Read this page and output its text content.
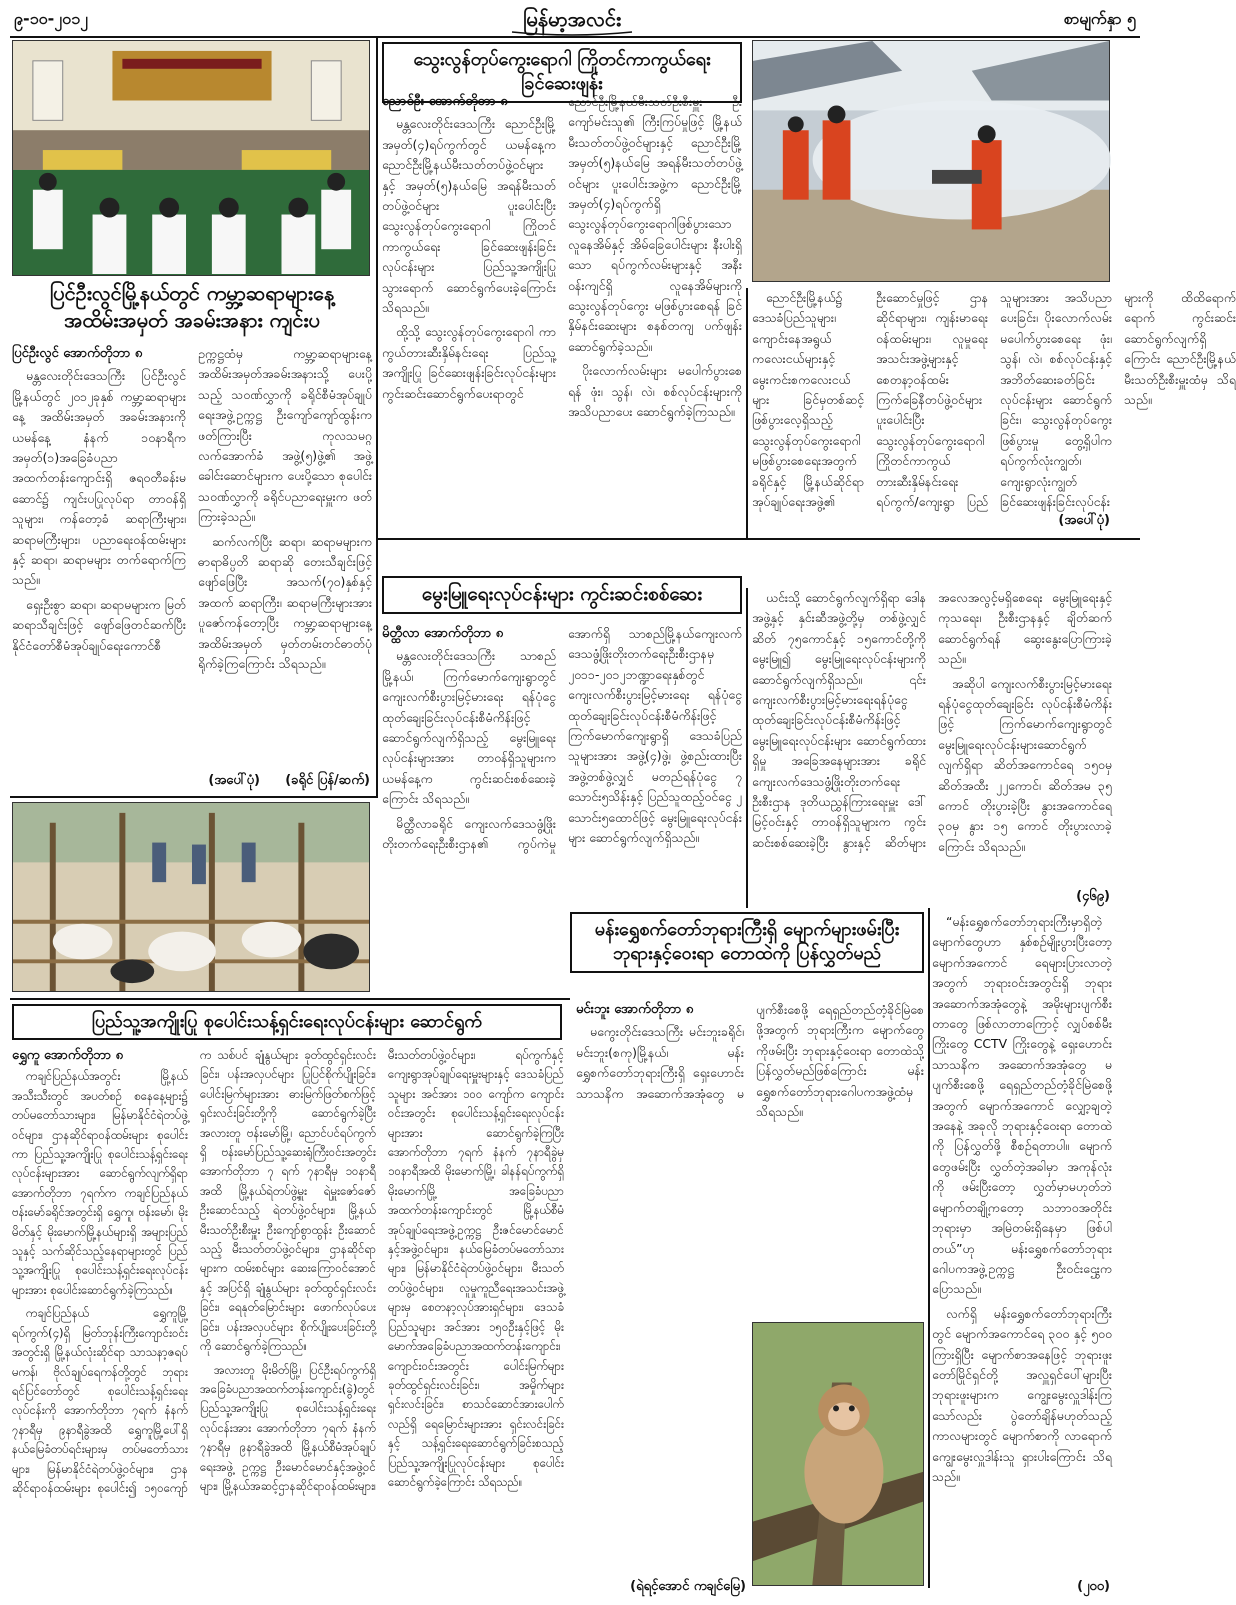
၉-၁၀-၂၀၁၂	မြန်မာ့အလင်း	စာမျက်နှာ ၅
ပြင်ဦးလွင်မြို့နယ်တွင် ကမ္ဘာ့ဆရာများနေ့
အထိမ်းအမှတ် အခမ်းအနား ကျင်းပ
ပြင်ဦးလွင် အောက်တိုဘာ ၈

မန္တလေးတိုင်းဒေသကြီး ပြင်ဦးလွင်မြို့နယ်တွင် ၂၀၁၂ခုနှစ် ကမ္ဘာ့ဆရာများနေ့ အထိမ်းအမှတ် အခမ်းအနားကို ယမန်နေ့ နံနက် ၁၀နာရီက အမှတ်(၁)အခြေခံပညာအထက်တန်းကျောင်းရှိ ဇရဝတီခန်းမဆောင်၌ ကျင်းပပြုလုပ်ရာ တာဝန်ရှိသူများ၊ ကန်တော့ခံ ဆရာကြီးများ၊ ဆရာမကြီးများ၊ ပညာရေးဝန်ထမ်းများနှင့် ဆရာ၊ ဆရာမများ တက်ရောက်ကြသည်။

ရှေးဦးစွာ ဆရာ၊ ဆရာမများက မြတ်ဆရာသီချင်းဖြင့် ဖျော်ဖြေတင်ဆက်ပြီး နိုင်ငံတော်စီမံအုပ်ချုပ်ရေးကောင်စီဥက္ကဋ္ဌထံမှ ကမ္ဘာ့ဆရာများနေ့ အထိမ်းအမှတ်အခမ်းအနားသို့ ပေးပို့သည့် သဝဏ်လွှာကို ခရိုင်စီမံအုပ်ချုပ်ရေးအဖွဲ့ဥက္ကဋ္ဌ ဦးကျော်ကျော်ထွန်းက ဖတ်ကြားပြီး ကုလသမဂ္ဂ လက်အောက်ခံ အဖွဲ့(၅)ဖွဲ့၏ အဖွဲ့ခေါင်းဆောင်များက ပေးပို့သော စုပေါင်းသဝဏ်လွှာကို ခရိုင်ပညာရေးမှူးက ဖတ်ကြားခဲ့သည်။

ဆက်လက်ပြီး ဆရာ၊ ဆရာမများက ဓာရာဓိပ္ပတိ ဆရာဆို တေးသီချင်းဖြင့် ဖျော်ဖြေပြီး အသက်(၇၀)နှစ်နှင့်အထက် ဆရာကြီး၊ ဆရာမကြီးများအား ပူဇော်ကန်တော့ပြီး ကမ္ဘာ့ဆရာများနေ့ အထိမ်းအမှတ် မှတ်တမ်းတင်ဓာတ်ပုံရိုက်ခဲ့ကြကြောင်း သိရသည်။

(အပေါ်ပုံ)	(ခရိုင် ပြန်/ဆက်)
သွေးလွန်တုပ်ကွေးရောဂါ ကြိုတင်ကာကွယ်ရေး ခြင်ဆေးဖျန်း
ညောင်ဦး အောက်တိုဘာ ၈

မန္တလေးတိုင်းဒေသကြီး ညောင်ဦးမြို့ အမှတ်(၄)ရပ်ကွက်တွင် ယမန်နေ့က ညောင်ဦးမြို့နယ်မီးသတ်တပ်ဖွဲ့ဝင်များနှင့် အမှတ်(၅)နယ်မြေ အရန်မီးသတ်တပ်ဖွဲ့ဝင်များ ပူးပေါင်းပြီး သွေးလွန်တုပ်ကွေးရောဂါ ကြိုတင်ကာကွယ်ရေး ခြင်ဆေးဖျန်းခြင်း လုပ်ငန်းများ ပြည်သူ့အကျိုးပြု သွားရောက် ဆောင်ရွက်ပေးခဲ့ကြောင်း သိရသည်။

ထို့သို့ သွေးလွန်တုပ်ကွေးရောဂါ ကာကွယ်တားဆီးနှိမ်နင်းရေး ပြည်သူ့အကျိုးပြု ခြင်ဆေးဖျန်းခြင်းလုပ်ငန်းများ ကွင်းဆင်းဆောင်ရွက်ပေးရာတွင် ညောင်ဦးမြို့နယ်မီးသတ်ဦးစီးမှူး ဦးကျော်မင်းသူ၏ ကြီးကြပ်မှုဖြင့် မြို့နယ်မီးသတ်တပ်ဖွဲ့ဝင်များနှင့် ညောင်ဦးမြို့ အမှတ်(၅)နယ်မြေ အရန်မီးသတ်တပ်ဖွဲ့ဝင်များ ပူးပေါင်းအဖွဲ့က ညောင်ဦးမြို့ အမှတ်(၄)ရပ်ကွက်ရှိ သွေးလွန်တုပ်ကွေးရောဂါဖြစ်ပွားသော လူနေအိမ်နှင့် အိမ်ခြေပေါင်းများ နီးပါးရှိသော ရပ်ကွက်လမ်းများနှင့် အနီးဝန်းကျင်ရှိ လူနေအိမ်များကို သွေးလွန်တုပ်ကွေး မဖြစ်ပွားစေရန် ခြင်နှိမ်နင်းဆေးများ စနစ်တကျ ပက်ဖျန်းဆောင်ရွက်ခဲ့သည်။

ပိုးလောက်လမ်းများ မပေါက်ပွားစေရန် ဖုံး၊ သွန်၊ လဲ၊ စစ်လုပ်ငန်းများကို အသိပညာပေး ဆောင်ရွက်ခဲ့ကြသည်။

ညောင်ဦးမြို့နယ်၌ ဒေသခံပြည်သူများ၊ ကျောင်းနေအရွယ် ကလေးငယ်များနှင့် မွေးကင်းစကလေးငယ်များ ခြင်မှတစ်ဆင့် ဖြစ်ပွားလေ့ရှိသည့် သွေးလွန်တုပ်ကွေးရောဂါ မဖြစ်ပွားစေရေးအတွက် ခရိုင်နှင့် မြို့နယ်ဆိုင်ရာ အုပ်ချုပ်ရေးအဖွဲ့၏ ဦးဆောင်မှုဖြင့် ဌာနဆိုင်ရာများ၊ ကျန်းမာရေးဝန်ထမ်းများ၊ လူမှုရေးအသင်းအဖွဲ့များနှင့် စေတနာ့ဝန်ထမ်း ကြက်ခြေနီတပ်ဖွဲ့ဝင်များ ပူးပေါင်းပြီး သွေးလွန်တုပ်ကွေးရောဂါ ကြိုတင်ကာကွယ် တားဆီးနှိမ်နင်းရေး ရပ်ကွက်/ကျေးရွာ ပြည်သူများအား အသိပညာပေးခြင်း၊ ပိုးလောက်လမ်း မပေါက်ပွားစေရေး ဖုံး၊ သွန်၊ လဲ၊ စစ်လုပ်ငန်းနှင့် အဘိတ်ဆေးခတ်ခြင်းလုပ်ငန်းများ ဆောင်ရွက်ခြင်း၊ သွေးလွန်တုပ်ကွေးဖြစ်ပွားမှု တွေ့ရှိပါက ရပ်ကွက်လုံးကျွတ်၊ ကျေးရွာလုံးကျွတ် ခြင်ဆေးဖျန်းခြင်းလုပ်ငန်းများကို ထိထိရောက်ရောက် ကွင်းဆင်းဆောင်ရွက်လျက်ရှိကြောင်း ညောင်ဦးမြို့နယ်မီးသတ်ဦးစီးမှူးထံမှ သိရသည်။

(အပေါ်ပုံ)
မွေးမြူရေးလုပ်ငန်းများ ကွင်းဆင်းစစ်ဆေး
မိတ္ထီလာ အောက်တိုဘာ ၈

မန္တလေးတိုင်းဒေသကြီး သာစည်မြို့နယ်၊ ကြက်မောက်ကျေးရွာတွင် ကျေးလက်စီးပွားမြင့်မားရေး ရန်ပုံငွေထုတ်ချေးခြင်းလုပ်ငန်းစီမံကိန်းဖြင့် ဆောင်ရွက်လျက်ရှိသည့် မွေးမြူရေးလုပ်ငန်းများအား တာဝန်ရှိသူများက ယမန်နေ့က ကွင်းဆင်းစစ်ဆေးခဲ့ကြောင်း သိရသည်။

မိတ္ထီလာခရိုင် ကျေးလက်ဒေသဖွံ့ဖြိုးတိုးတက်ရေးဦးစီးဌာန၏ ကွပ်ကဲမှုအောက်ရှိ သာစည်မြို့နယ်ကျေးလက်ဒေသဖွံ့ဖြိုးတိုးတက်ရေးဦးစီးဌာနမှ ၂၀၁၁-၂၀၁၂ဘဏ္ဍာရေးနှစ်တွင် ကျေးလက်စီးပွားမြင့်မားရေး ရန်ပုံငွေထုတ်ချေးခြင်းလုပ်ငန်းစီမံကိန်းဖြင့် ကြက်မောက်ကျေးရွာရှိ ဒေသခံပြည်သူများအား အဖွဲ့(၄)ဖွဲ့၊ ဖွဲ့စည်းထားပြီး အဖွဲ့တစ်ဖွဲ့လျှင် မတည်ရန်ပုံငွေ ၇ သောင်း၅သိန်းနှင့် ပြည်သူထည့်ဝင်ငွေ ၂ သောင်း၅ထောင်ဖြင့် မွေးမြူရေးလုပ်ငန်းများ ဆောင်ရွက်လျက်ရှိသည်။

ယင်းသို့ ဆောင်ရွက်လျက်ရှိရာ ဒေါနအဖွဲ့နှင့် နှင်းဆီအဖွဲ့တို့မှ တစ်ဖွဲ့လျှင် ဆိတ် ၇၅ကောင်နှင့် ၁၅ကောင်တို့ကို မွေးမြူ၍ မွေးမြူရေးလုပ်ငန်းများကို ဆောင်ရွက်လျက်ရှိသည်။ ၎င်းကျေးလက်စီးပွားမြင့်မားရေးရန်ပုံငွေထုတ်ချေးခြင်းလုပ်ငန်းစီမံကိန်းဖြင့် မွေးမြူရေးလုပ်ငန်းများ ဆောင်ရွက်ထားရှိမှု အခြေအနေများအား ခရိုင်ကျေးလက်ဒေသဖွံ့ဖြိုးတိုးတက်ရေးဦးစီးဌာန ဒုတိယညွှန်ကြားရေးမှူး ဒေါ်မြင့်ဝင်းနှင့် တာဝန်ရှိသူများက ကွင်းဆင်းစစ်ဆေးခဲ့ပြီး နွားနှင့် ဆိတ်များ အလေအလွင့်မရှိစေရေး မွေးမြူရေးနှင့် ကုသရေး၊ ဦးစီးဌာနနှင့် ချိတ်ဆက်ဆောင်ရွက်ရန် ဆွေးနွေးပြောကြားခဲ့သည်။

အဆိုပါ ကျေးလက်စီးပွားမြင့်မားရေးရန်ပုံငွေထုတ်ချေးခြင်း လုပ်ငန်းစီမံကိန်းဖြင့် ကြက်မောက်ကျေးရွာတွင် မွေးမြူရေးလုပ်ငန်းများဆောင်ရွက်လျက်ရှိရာ ဆိတ်အကောင်ရေ ၁၅၀မှ ဆိတ်အထီး ၂၂ကောင်၊ ဆိတ်အမ ၃၅ ကောင် တိုးပွားခဲ့ပြီး နွားအကောင်ရေ ၃၀မှ နွား ၁၅ ကောင် တိုးပွားလာခဲ့ကြောင်း သိရသည်။

(၄၆၉)
မန်းရွှေစက်တော်ဘုရားကြီးရှိ မျောက်များဖမ်းပြီး
ဘုရားနှင့်ဝေးရာ တောထဲကို ပြန်လွှတ်မည်
မင်းဘူး အောက်တိုဘာ ၈

မကွေးတိုင်းဒေသကြီး မင်းဘူးခရိုင်၊ မင်းဘူး(စကု)မြို့နယ်၊ မန်းရွှေစက်တော်ဘုရားကြီးရှိ ရှေးဟောင်းသာသနိက အဆောက်အအုံတွေ မပျက်စီးစေဖို့ ရေရှည်တည်တံ့ခိုင်မြဲစေဖို့အတွက် ဘုရားကြီးက မျောက်တွေကိုဖမ်းပြီး ဘုရားနှင့်ဝေးရာ တောထဲသို့ ပြန်လွှတ်မည်ဖြစ်ကြောင်း မန်းရွှေစက်တော်ဘုရားဂေါပကအဖွဲ့ထံမှ သိရသည်။

“မန်းရွှေစက်တော်ဘုရားကြီးမှာရှိတဲ့ မျောက်တွေဟာ နှစ်စဉ်မျိုးပွားပြီးတော့ မျောက်အကောင် ရေများပြားလာတဲ့အတွက် ဘုရားဝင်းအတွင်းရှိ ဘုရားအဆောက်အအုံတွေနဲ့ အမိုးများပျက်စီးတာတွေ ဖြစ်လာတာကြောင့် လျှပ်စစ်မီးကြိုးတွေ CCTV ကြိုးတွေနဲ့ ရှေးဟောင်းသာသနိက အဆောက်အအုံတွေ မပျက်စီးစေဖို့ ရေရှည်တည်တံ့ခိုင်မြဲစေဖို့အတွက် မျောက်အကောင် လျှော့ချတဲ့အနေနဲ့ အခုလို ဘုရားနှင့်ဝေးရာ တောထဲကို ပြန်လွှတ်ဖို့ စီစဉ်ရတာပါ။ မျောက်တွေဖမ်းပြီး လွှတ်တဲ့အခါမှာ အကုန်လုံးကို ဖမ်းပြီးတော့ လွှတ်မှာမဟုတ်ဘဲ မျောက်တချို့ကတော့ သဘာဝအတိုင်း ဘုရားမှာ အမြဲတမ်းရှိနေမှာ ဖြစ်ပါတယ်”ဟု မန်းရွှေစက်တော်ဘုရားဂေါပကအဖွဲ့ဥက္ကဋ္ဌ ဦးဝင်းဌွေးက ပြောသည်။

လက်ရှိ မန်းရွှေစက်တော်ဘုရားကြီးတွင် မျောက်အကောင်ရေ ၃၀၀ နှင့် ၅၀၀ ကြားရှိပြီး မျောက်စာအနေဖြင့် ဘုရားဖူးတော်မြိုင်ရှင်တို့ အလှူရှင်ပေါ်များပြီး ဘုရားဖူးများက ကျွေးမွေးလှူဒါန်းကြသော်လည်း ပွဲတော်ချိန်မဟုတ်သည့် ကာလများတွင် မျောက်စာကို လာရောက်ကျွေးမွေးလှူဒါန်းသူ ရှားပါးကြောင်း သိရသည်။

(၂၀၀)
ပြည်သူ့အကျိုးပြု စုပေါင်းသန့်ရှင်းရေးလုပ်ငန်းများ ဆောင်ရွက်
ရွှေကူ အောက်တိုဘာ ၈

ကချင်ပြည်နယ်အတွင်း မြို့နယ်အသီးသီးတွင် အပတ်စဉ် စနေနေ့များ၌ တပ်မတော်သားများ၊ မြန်မာနိုင်ငံရဲတပ်ဖွဲ့ဝင်များ၊ ဌာနဆိုင်ရာဝန်ထမ်းများ စုပေါင်းကာ ပြည်သူ့အကျိုးပြု စုပေါင်းသန့်ရှင်းရေးလုပ်ငန်းများအား ဆောင်ရွက်လျက်ရှိရာ အောက်တိုဘာ ၇ရက်က ကချင်ပြည်နယ် ဗန်းမော်ခရိုင်အတွင်းရှိ ရွှေကူ၊ ဗန်းမော်၊ မိုးမိတ်နှင့် မိုးမောက်မြို့နယ်များရှိ အများပြည်သူနှင့် သက်ဆိုင်သည့်နေရာများတွင် ပြည်သူ့အကျိုးပြု စုပေါင်းသန့်ရှင်းရေးလုပ်ငန်းများအား စုပေါင်းဆောင်ရွက်ခဲ့ကြသည်။

ကချင်ပြည်နယ် ရွှေကူမြို့ ရပ်ကွက်(၄)ရှိ မြတ်ဘုန်းကြီးကျောင်းဝင်းအတွင်းရှိ မြို့နယ်လုံးဆိုင်ရာ သာသနာ့ဇရပ်မကန်၊ ဗိုလ်ချုပ်ရေကန်တို့တွင် ဘုရားရင်ပြင်တော်တွင် စုပေါင်းသန့်ရှင်းရေးလုပ်ငန်းကို အောက်တိုဘာ ၇ရက် နံနက် ၇နာရီမှ ၉နာရီခွဲအထိ ရွှေကူမြို့ပေါ်ရှိ နယ်မြေခံတပ်ရင်းများမှ တပ်မတော်သားများ၊ မြန်မာနိုင်ငံရဲတပ်ဖွဲ့ဝင်များ၊ ဌာနဆိုင်ရာဝန်ထမ်းများ စုပေါင်း၍ ၁၅၀ကျော်က သစ်ပင် ချုံနွယ်များ ခုတ်ထွင်ရှင်းလင်းခြင်း၊ ပန်းအလှပင်များ ပြုပြင်စိုက်ပျိုးခြင်း၊ ပေါင်းမြက်များအား ဓားမြက်ဖြတ်စက်ဖြင့် ရှင်းလင်းခြင်းတို့ကို ဆောင်ရွက်ခဲ့ပြီး အလားတူ ဗန်းမော်မြို့၊ ညောင်ပင်ရပ်ကွက်ရှိ ဗန်းမော်ပြည်သူ့ဆေးရုံကြီးဝင်းအတွင်း အောက်တိုဘာ ၇ ရက် ၇နာရီမှ ၁၀နာရီအထိ မြို့နယ်ရဲတပ်ဖွဲ့မှူး ရဲမှူးဇော်ဇော် ဦးဆောင်သည့် ရဲတပ်ဖွဲ့ဝင်များ၊ မြို့နယ်မီးသတ်ဦးစီးမှူး ဦးကျော်စွာထွန်း ဦးဆောင်သည့် မီးသတ်တပ်ဖွဲ့ဝင်များ၊ ဌာနဆိုင်ရာများက ထမ်းစင်များ ဆေးကြောဝင်အောင်နှင့် အပြင်ရှိ ချုံနွယ်များ ခုတ်ထွင်ရှင်းလင်းခြင်း၊ ရေနုတ်မြောင်းများ ဖောက်လုပ်ပေးခြင်း၊ ပန်းအလှပင်များ စိုက်ပျိုးပေးခြင်းတို့ကို ဆောင်ရွက်ခဲ့ကြသည်။

အလားတူ မိုးမိတ်မြို့၊ ပြင်ဦးရပ်ကွက်ရှိ အခြေခံပညာအထက်တန်းကျောင်း(ခွဲ)တွင် ပြည်သူ့အကျိုးပြု စုပေါင်းသန့်ရှင်းရေးလုပ်ငန်းအား အောက်တိုဘာ ၇ရက် နံနက် ၇နာရီမှ ၉နာရီခွဲအထိ မြို့နယ်စီမံအုပ်ချုပ်ရေးအဖွဲ့ ဥက္ကဋ္ဌ ဦးမောင်မောင်နှင့်အဖွဲ့ဝင်များ၊ မြို့နယ်အဆင့်ဌာနဆိုင်ရာဝန်ထမ်းများ၊ မီးသတ်တပ်ဖွဲ့ဝင်များ၊ ရပ်ကွက်နှင့် ကျေးရွာအုပ်ချုပ်ရေးမှူးများနှင့် ဒေသခံပြည်သူများ အင်အား ၁၀၀ ကျော်က ကျောင်းဝင်းအတွင်း စုပေါင်းသန့်ရှင်းရေးလုပ်ငန်းများအား ဆောင်ရွက်ခဲ့ကြပြီး အောက်တိုဘာ ၇ရက် နံနက် ၇နာရီခွဲမှ ၁၀နာရီအထိ မိုးမောက်မြို့၊ ခါနန်ရပ်ကွက်ရှိ မိုးမောက်မြို့ အခြေခံပညာအထက်တန်းကျောင်းတွင် မြို့နယ်စီမံအုပ်ချုပ်ရေးအဖွဲ့ဥက္ကဋ္ဌ ဦးဇင်မောင်မောင်နှင့်အဖွဲ့ဝင်များ၊ နယ်မြေခံတပ်မတော်သားများ၊ မြန်မာနိုင်ငံရဲတပ်ဖွဲ့ဝင်များ၊ မီးသတ်တပ်ဖွဲ့ဝင်များ၊ လူမှုကူညီရေးအသင်းအဖွဲ့များမှ စေတနာ့လုပ်အားရှင်များ၊ ဒေသခံပြည်သူများ အင်အား ၁၅၀ဦးနှင့်ဖြင့် မိုးမောက်အခြေခံပညာအထက်တန်းကျောင်း၊ ကျောင်းဝင်းအတွင်း ပေါင်းမြက်များ ခုတ်ထွင်ရှင်းလင်းခြင်း၊ အမှိုက်များရှင်းလင်းခြင်း၊ စာသင်ဆောင်အားပေါက်လည်ရှိ ရေမြောင်းများအား ရှင်းလင်းခြင်းနှင့် သန့်ရှင်းရေးဆောင်ရွက်ခြင်းစသည့် ပြည်သူ့အကျိုးပြုလုပ်ငန်းများ စုပေါင်းဆောင်ရွက်ခဲ့ကြောင်း သိရသည်။

(ရဲရင့်အောင် ကချင်မြေ)
